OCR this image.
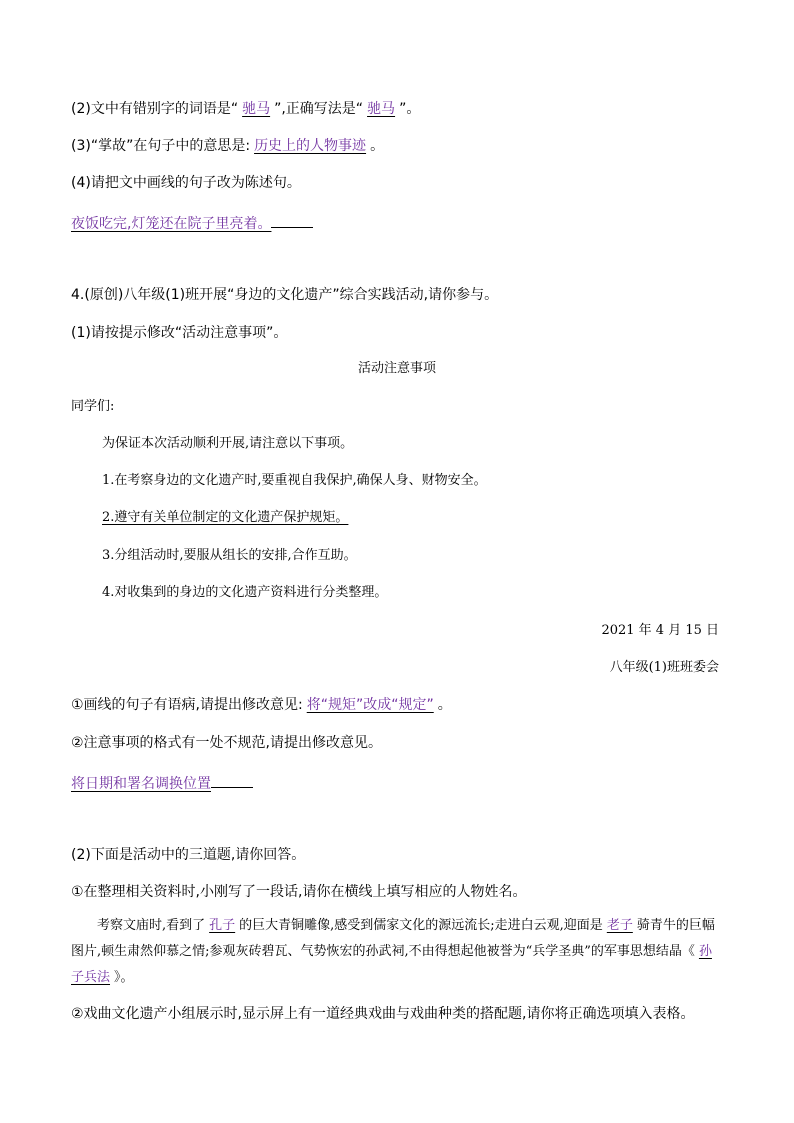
(2)文中有错别字的词语是“ 驰马 ”,正确写法是“ 驰马 ”。
(3)“掌故”在句子中的意思是: 历史上的人物事迹 。
(4)请把文中画线的句子改为陈述句。
夜饭吃完,灯笼还在院子里亮着。
4.(原创)八年级(1)班开展“身边的文化遗产”综合实践活动,请你参与。
(1)请按提示修改“活动注意事项”。
活动注意事项
同学们:
为保证本次活动顺利开展,请注意以下事项。
1.在考察身边的文化遗产时,要重视自我保护,确保人身、财物安全。
2.遵守有关单位制定的文化遗产保护规矩。
3.分组活动时,要服从组长的安排,合作互助。
4.对收集到的身边的文化遗产资料进行分类整理。
2021 年 4 月 15 日
八年级(1)班班委会
①画线的句子有语病,请提出修改意见: 将“规矩”改成“规定” 。
②注意事项的格式有一处不规范,请提出修改意见。
将日期和署名调换位置
(2)下面是活动中的三道题,请你回答。
①在整理相关资料时,小刚写了一段话,请你在横线上填写相应的人物姓名。
考察文庙时,看到了 孔子 的巨大青铜雕像,感受到儒家文化的源远流长;走进白云观,迎面是 老子 骑青牛的巨幅图片,顿生肃然仰慕之情;参观灰砖碧瓦、气势恢宏的孙武祠,不由得想起他被誉为“兵学圣典”的军事思想结晶《 孙子兵法 》。
②戏曲文化遗产小组展示时,显示屏上有一道经典戏曲与戏曲种类的搭配题,请你将正确选项填入表格。
